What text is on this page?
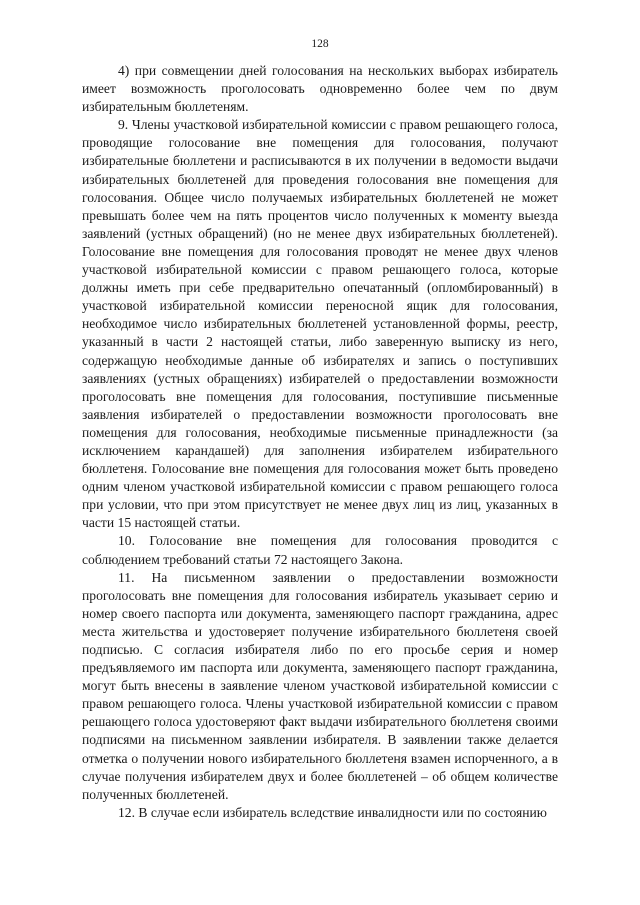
128

4) при совмещении дней голосования на нескольких выборах избиратель имеет возможность проголосовать одновременно более чем по двум избирательным бюллетеням.

9. Члены участковой избирательной комиссии с правом решающего голоса, проводящие голосование вне помещения для голосования, получают избирательные бюллетени и расписываются в их получении в ведомости выдачи избирательных бюллетеней для проведения голосования вне помещения для голосования. Общее число получаемых избирательных бюллетеней не может превышать более чем на пять процентов число полученных к моменту выезда заявлений (устных обращений) (но не менее двух избирательных бюллетеней). Голосование вне помещения для голосования проводят не менее двух членов участковой избирательной комиссии с правом решающего голоса, которые должны иметь при себе предварительно опечатанный (опломбированный) в участковой избирательной комиссии переносной ящик для голосования, необходимое число избирательных бюллетеней установленной формы, реестр, указанный в части 2 настоящей статьи, либо заверенную выписку из него, содержащую необходимые данные об избирателях и запись о поступивших заявлениях (устных обращениях) избирателей о предоставлении возможности проголосовать вне помещения для голосования, поступившие письменные заявления избирателей о предоставлении возможности проголосовать вне помещения для голосования, необходимые письменные принадлежности (за исключением карандашей) для заполнения избирателем избирательного бюллетеня. Голосование вне помещения для голосования может быть проведено одним членом участковой избирательной комиссии с правом решающего голоса при условии, что при этом присутствует не менее двух лиц из лиц, указанных в части 15 настоящей статьи.

10. Голосование вне помещения для голосования проводится с соблюдением требований статьи 72 настоящего Закона.

11. На письменном заявлении о предоставлении возможности проголосовать вне помещения для голосования избиратель указывает серию и номер своего паспорта или документа, заменяющего паспорт гражданина, адрес места жительства и удостоверяет получение избирательного бюллетеня своей подписью. С согласия избирателя либо по его просьбе серия и номер предъявляемого им паспорта или документа, заменяющего паспорт гражданина, могут быть внесены в заявление членом участковой избирательной комиссии с правом решающего голоса. Члены участковой избирательной комиссии с правом решающего голоса удостоверяют факт выдачи избирательного бюллетеня своими подписями на письменном заявлении избирателя. В заявлении также делается отметка о получении нового избирательного бюллетеня взамен испорченного, а в случае получения избирателем двух и более бюллетеней – об общем количестве полученных бюллетеней.

12. В случае если избиратель вследствие инвалидности или по состоянию
